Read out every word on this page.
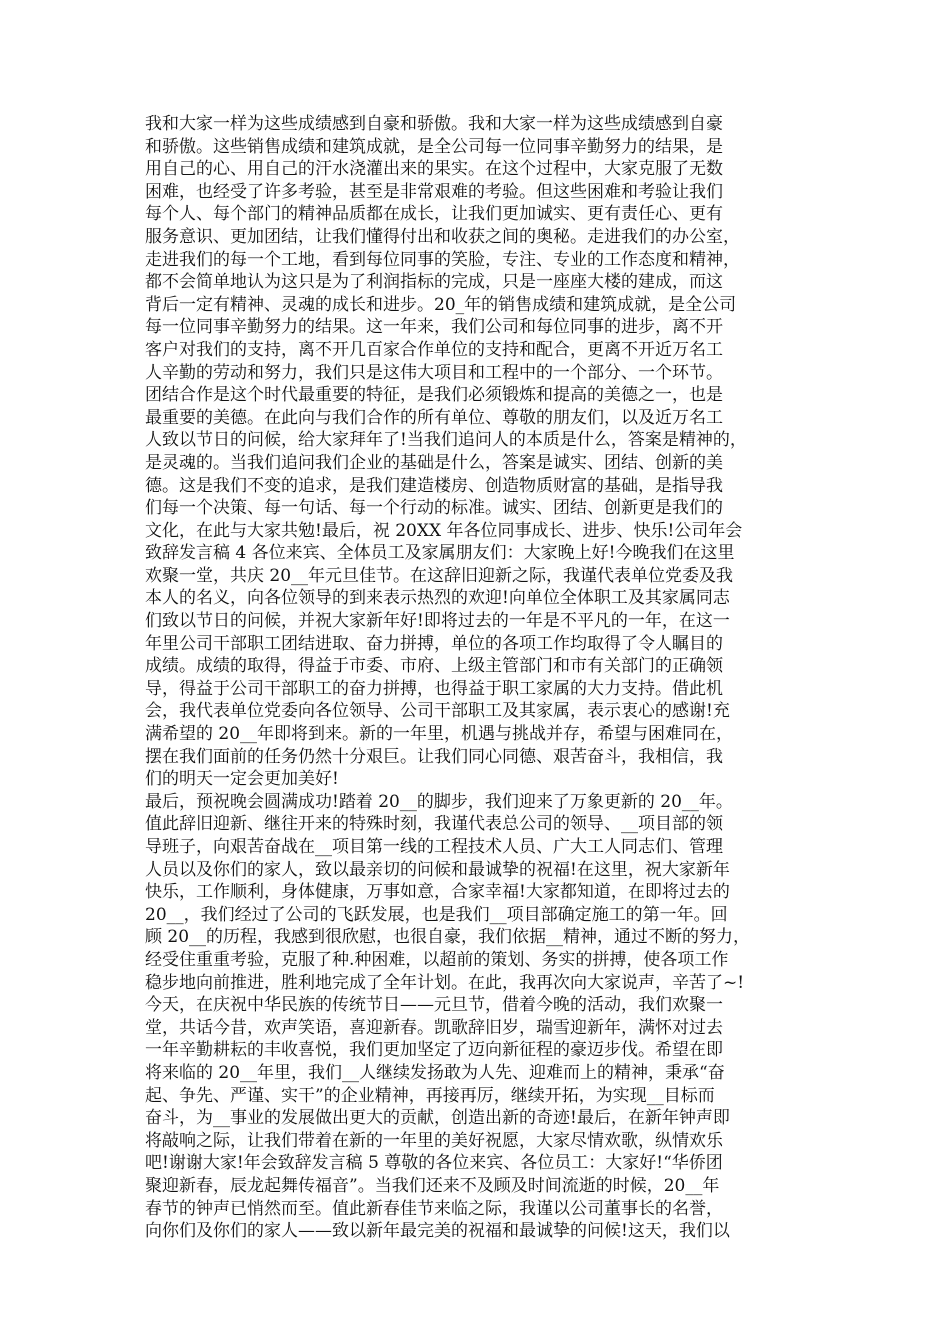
我和大家一样为这些成绩感到自豪和骄傲。我和大家一样为这些成绩感到自豪
和骄傲。这些销售成绩和建筑成就，是全公司每一位同事辛勤努力的结果，是
用自己的心、用自己的汗水浇灌出来的果实。在这个过程中，大家克服了无数
困难，也经受了许多考验，甚至是非常艰难的考验。但这些困难和考验让我们
每个人、每个部门的精神品质都在成长，让我们更加诚实、更有责任心、更有
服务意识、更加团结，让我们懂得付出和收获之间的奥秘。走进我们的办公室，
走进我们的每一个工地，看到每位同事的笑脸，专注、专业的工作态度和精神，
都不会简单地认为这只是为了利润指标的完成，只是一座座大楼的建成，而这
背后一定有精神、灵魂的成长和进步。20_年的销售成绩和建筑成就，是全公司
每一位同事辛勤努力的结果。这一年来，我们公司和每位同事的进步，离不开
客户对我们的支持，离不开几百家合作单位的支持和配合，更离不开近万名工
人辛勤的劳动和努力，我们只是这伟大项目和工程中的一个部分、一个环节。
团结合作是这个时代最重要的特征，是我们必须锻炼和提高的美德之一，也是
最重要的美德。在此向与我们合作的所有单位、尊敬的朋友们，以及近万名工
人致以节日的问候，给大家拜年了!当我们追问人的本质是什么，答案是精神的，
是灵魂的。当我们追问我们企业的基础是什么，答案是诚实、团结、创新的美
德。这是我们不变的追求，是我们建造楼房、创造物质财富的基础，是指导我
们每一个决策、每一句话、每一个行动的标准。诚实、团结、创新更是我们的
文化，在此与大家共勉!最后，祝 20XX 年各位同事成长、进步、快乐!公司年会
致辞发言稿 4 各位来宾、全体员工及家属朋友们：大家晚上好!今晚我们在这里
欢聚一堂，共庆 20__年元旦佳节。在这辞旧迎新之际，我谨代表单位党委及我
本人的名义，向各位领导的到来表示热烈的欢迎!向单位全体职工及其家属同志
们致以节日的问候，并祝大家新年好!即将过去的一年是不平凡的一年，在这一
年里公司干部职工团结进取、奋力拼搏，单位的各项工作均取得了令人瞩目的
成绩。成绩的取得，得益于市委、市府、上级主管部门和市有关部门的正确领
导，得益于公司干部职工的奋力拼搏，也得益于职工家属的大力支持。借此机
会，我代表单位党委向各位领导、公司干部职工及其家属，表示衷心的感谢!充
满希望的 20__年即将到来。新的一年里，机遇与挑战并存，希望与困难同在，
摆在我们面前的任务仍然十分艰巨。让我们同心同德、艰苦奋斗，我相信，我
们的明天一定会更加美好!
最后，预祝晚会圆满成功!踏着 20__的脚步，我们迎来了万象更新的 20__年。
值此辞旧迎新、继往开来的特殊时刻，我谨代表总公司的领导、__项目部的领
导班子，向艰苦奋战在__项目第一线的工程技术人员、广大工人同志们、管理
人员以及你们的家人，致以最亲切的问候和最诚挚的祝福!在这里，祝大家新年
快乐，工作顺利，身体健康，万事如意，合家幸福!大家都知道，在即将过去的
20__，我们经过了公司的飞跃发展，也是我们__项目部确定施工的第一年。回
顾 20__的历程，我感到很欣慰，也很自豪，我们依据__精神，通过不断的努力，
经受住重重考验，克服了种.种困难，以超前的策划、务实的拼搏，使各项工作
稳步地向前推进，胜利地完成了全年计划。在此，我再次向大家说声，辛苦了~!
今天，在庆祝中华民族的传统节日——元旦节，借着今晚的活动，我们欢聚一
堂，共话今昔，欢声笑语，喜迎新春。凯歌辞旧岁，瑞雪迎新年，满怀对过去
一年辛勤耕耘的丰收喜悦，我们更加坚定了迈向新征程的豪迈步伐。希望在即
将来临的 20__年里，我们__人继续发扬敢为人先、迎难而上的精神，秉承“奋
起、争先、严谨、实干”的企业精神，再接再厉，继续开拓，为实现__目标而
奋斗，为__事业的发展做出更大的贡献，创造出新的奇迹!最后，在新年钟声即
将敲响之际，让我们带着在新的一年里的美好祝愿，大家尽情欢歌，纵情欢乐
吧!谢谢大家!年会致辞发言稿 5 尊敬的各位来宾、各位员工：大家好!“华侨团
聚迎新春，辰龙起舞传福音”。当我们还来不及顾及时间流逝的时候，20__年
春节的钟声已悄然而至。值此新春佳节来临之际，我谨以公司董事长的名誉，
向你们及你们的家人——致以新年最完美的祝福和最诚挚的问候!这天，我们以
